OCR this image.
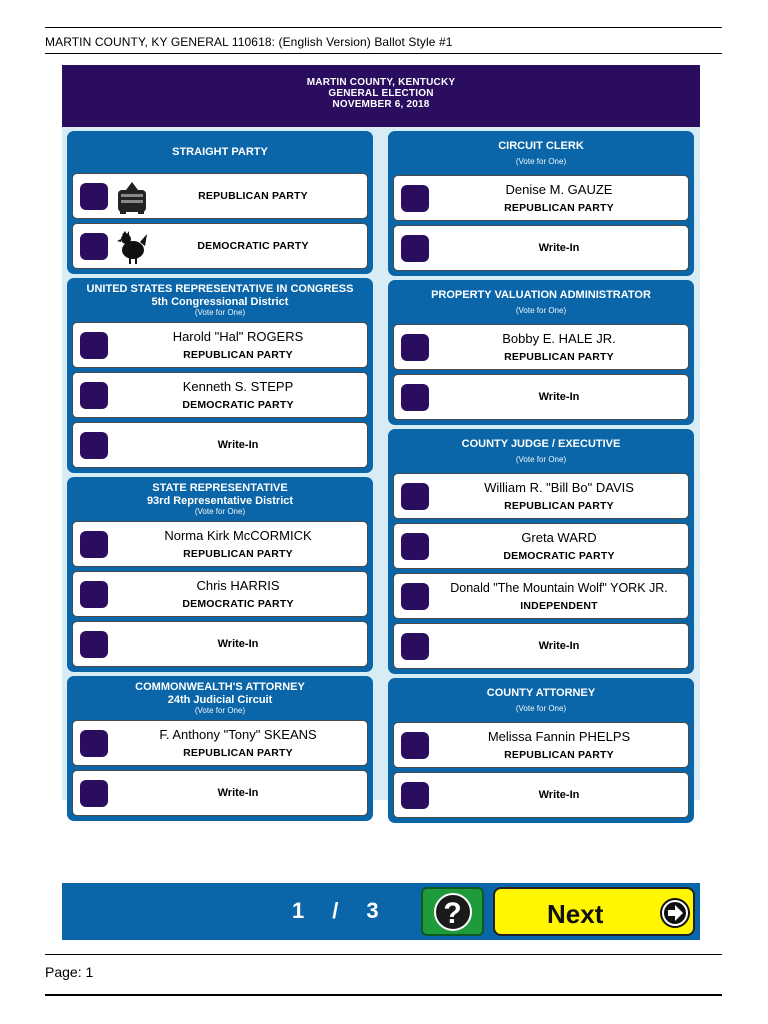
MARTIN COUNTY, KY GENERAL 110618: (English Version) Ballot Style #1
MARTIN COUNTY, KENTUCKY
GENERAL ELECTION
NOVEMBER 6, 2018
STRAIGHT PARTY
REPUBLICAN PARTY
DEMOCRATIC PARTY
UNITED STATES REPRESENTATIVE IN CONGRESS
5th Congressional District
(Vote for One)
Harold "Hal" ROGERS
REPUBLICAN PARTY
Kenneth S. STEPP
DEMOCRATIC PARTY
Write-In
STATE REPRESENTATIVE
93rd Representative District
(Vote for One)
Norma Kirk McCORMICK
REPUBLICAN PARTY
Chris HARRIS
DEMOCRATIC PARTY
Write-In
COMMONWEALTH'S ATTORNEY
24th Judicial Circuit
(Vote for One)
F. Anthony "Tony" SKEANS
REPUBLICAN PARTY
Write-In
CIRCUIT CLERK
(Vote for One)
Denise M. GAUZE
REPUBLICAN PARTY
Write-In
PROPERTY VALUATION ADMINISTRATOR
(Vote for One)
Bobby E. HALE JR.
REPUBLICAN PARTY
Write-In
COUNTY JUDGE / EXECUTIVE
(Vote for One)
William R. "Bill Bo" DAVIS
REPUBLICAN PARTY
Greta WARD
DEMOCRATIC PARTY
Donald "The Mountain Wolf" YORK JR.
INDEPENDENT
Write-In
COUNTY ATTORNEY
(Vote for One)
Melissa Fannin PHELPS
REPUBLICAN PARTY
Write-In
1 / 3	?	Next
Page: 1
